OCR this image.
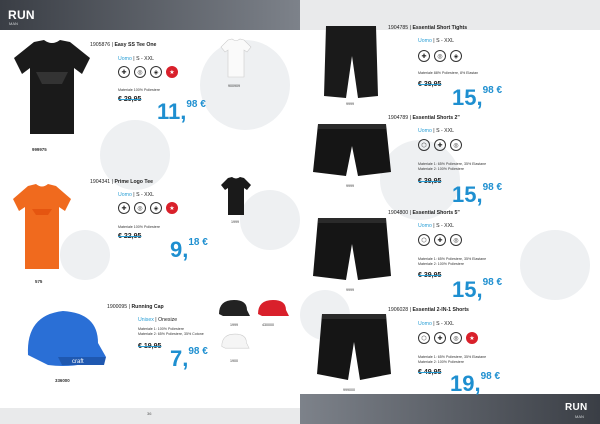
RUN
MAN
36
RUN
MAN
999975
900909
1905876 | Easy SS Tee One
Uomo | S - XXL
✚	◎	◈	★
Materiale 100% Poliestere
€ 29,95 11,$^{98 €}$
575
1999
1904341 | Prime Logo Tee
Uomo | S - XXL
✚	◎	◈	★
Materiale 100% Poliestere
€ 22,95
9,$^{18 €}$
craft
336000
1999	430000
1900
1900095 | Running Cap
Unisex | Onesize
Materiale 1: 100% Poliestere
Materiale 2: 65% Poliestere, 35% Cotone
€ 19,95 7,$^{98 €}$
9999
1904785 | Essential Short Tights
Uomo | S - XXL
✚	◎	◈
Materiale 88% Poliestere, 8% Elastan
€ 39,95
15,$^{98 €}$
9999
1904789 | Essential Shorts 2"
Uomo | S - XXL
⬡	✚	◎
Materiale 1: 65% Poliestere, 35% Elastane
Materiale 2: 100% Poliestere
€ 39,95
15,$^{98 €}$
9999
1904800 | Essential Shorts 5"
Uomo | S - XXL
⬡	✚	◎
Materiale 1: 65% Poliestere, 35% Elastane
Materiale 2: 100% Poliestere
€ 39,95
15,$^{98 €}$
999000
1906028 | Essential 2-IN-1 Shorts
Uomo | S - XXL
⬡	✚	◎	★
Materiale 1: 65% Poliestere, 35% Elastane
Materiale 2: 100% Poliestere
€ 49,95 19,$^{98 €}$
